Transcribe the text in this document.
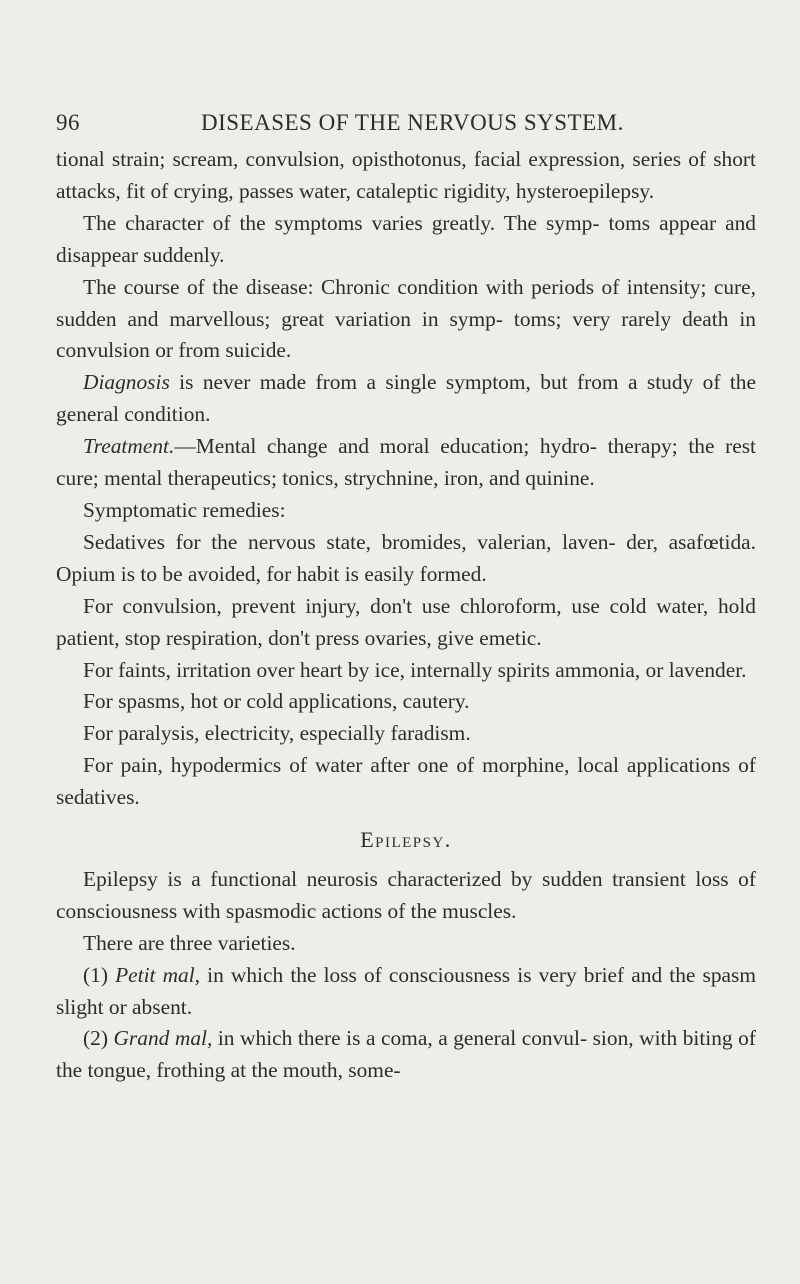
96	DISEASES OF THE NERVOUS SYSTEM.

tional strain; scream, convulsion, opisthotonus, facial expression, series of short attacks, fit of crying, passes water, cataleptic rigidity, hysteroepilepsy.

The character of the symptoms varies greatly. The symp- toms appear and disappear suddenly.

The course of the disease: Chronic condition with periods of intensity; cure, sudden and marvellous; great variation in symp- toms; very rarely death in convulsion or from suicide.

Diagnosis is never made from a single symptom, but from a study of the general condition.

Treatment.—Mental change and moral education; hydro- therapy; the rest cure; mental therapeutics; tonics, strychnine, iron, and quinine.

Symptomatic remedies:

Sedatives for the nervous state, bromides, valerian, laven- der, asafœtida. Opium is to be avoided, for habit is easily formed.

For convulsion, prevent injury, don't use chloroform, use cold water, hold patient, stop respiration, don't press ovaries, give emetic.

For faints, irritation over heart by ice, internally spirits ammonia, or lavender.

For spasms, hot or cold applications, cautery.

For paralysis, electricity, especially faradism.

For pain, hypodermics of water after one of morphine, local applications of sedatives.

Epilepsy.

Epilepsy is a functional neurosis characterized by sudden transient loss of consciousness with spasmodic actions of the muscles.

There are three varieties.

(1) Petit mal, in which the loss of consciousness is very brief and the spasm slight or absent.

(2) Grand mal, in which there is a coma, a general convul- sion, with biting of the tongue, frothing at the mouth, some-
